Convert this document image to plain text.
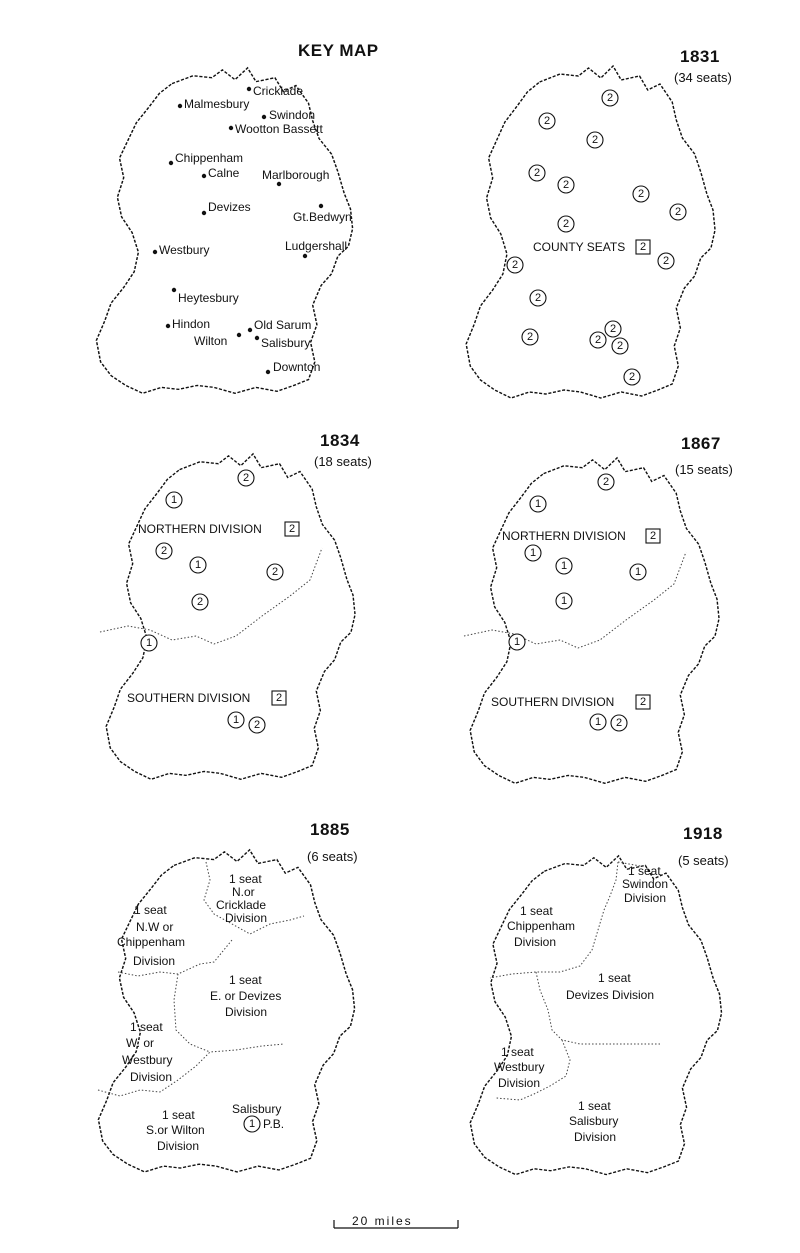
KEY MAP
Cricklade
Malmesbury
Swindon
Wootton Bassett
Chippenham
Calne Marlborough
Devizes
Gt.Bedwyn
Westbury	Ludgershall
Heytesbury
Hindon	Old Sarum
Wilton	Salisbury
Downton
1831
(34 seats)
2
2
2
2
2
2
2
2
2
2
2
2
2
2 2
2
COUNTY SEATS 2
1834
(18 seats)
2
1
2
1
2
2
1
1 2
NORTHERN DIVISION 2
SOUTHERN DIVISION 2
1867
(15 seats)
2
1
1
1	1
1
1
1 2
NORTHERN DIVISION 2
SOUTHERN DIVISION 2
1885
(6 seats)
1 seat
N.or
Cricklade
Division
1 seat
N.W or
Chippenham
Division
1 seat
E. or Devizes
Division
1 seat
W. or
Westbury
Division
1 seat
S.or Wilton
Division
Salisbury
1 P.B.
1918
(5 seats)
1 seat
Swindon
Division
1 seat
Chippenham
Division
1 seat
Devizes Division
1 seat
Westbury
Division
1 seat
Salisbury
Division
20 miles
